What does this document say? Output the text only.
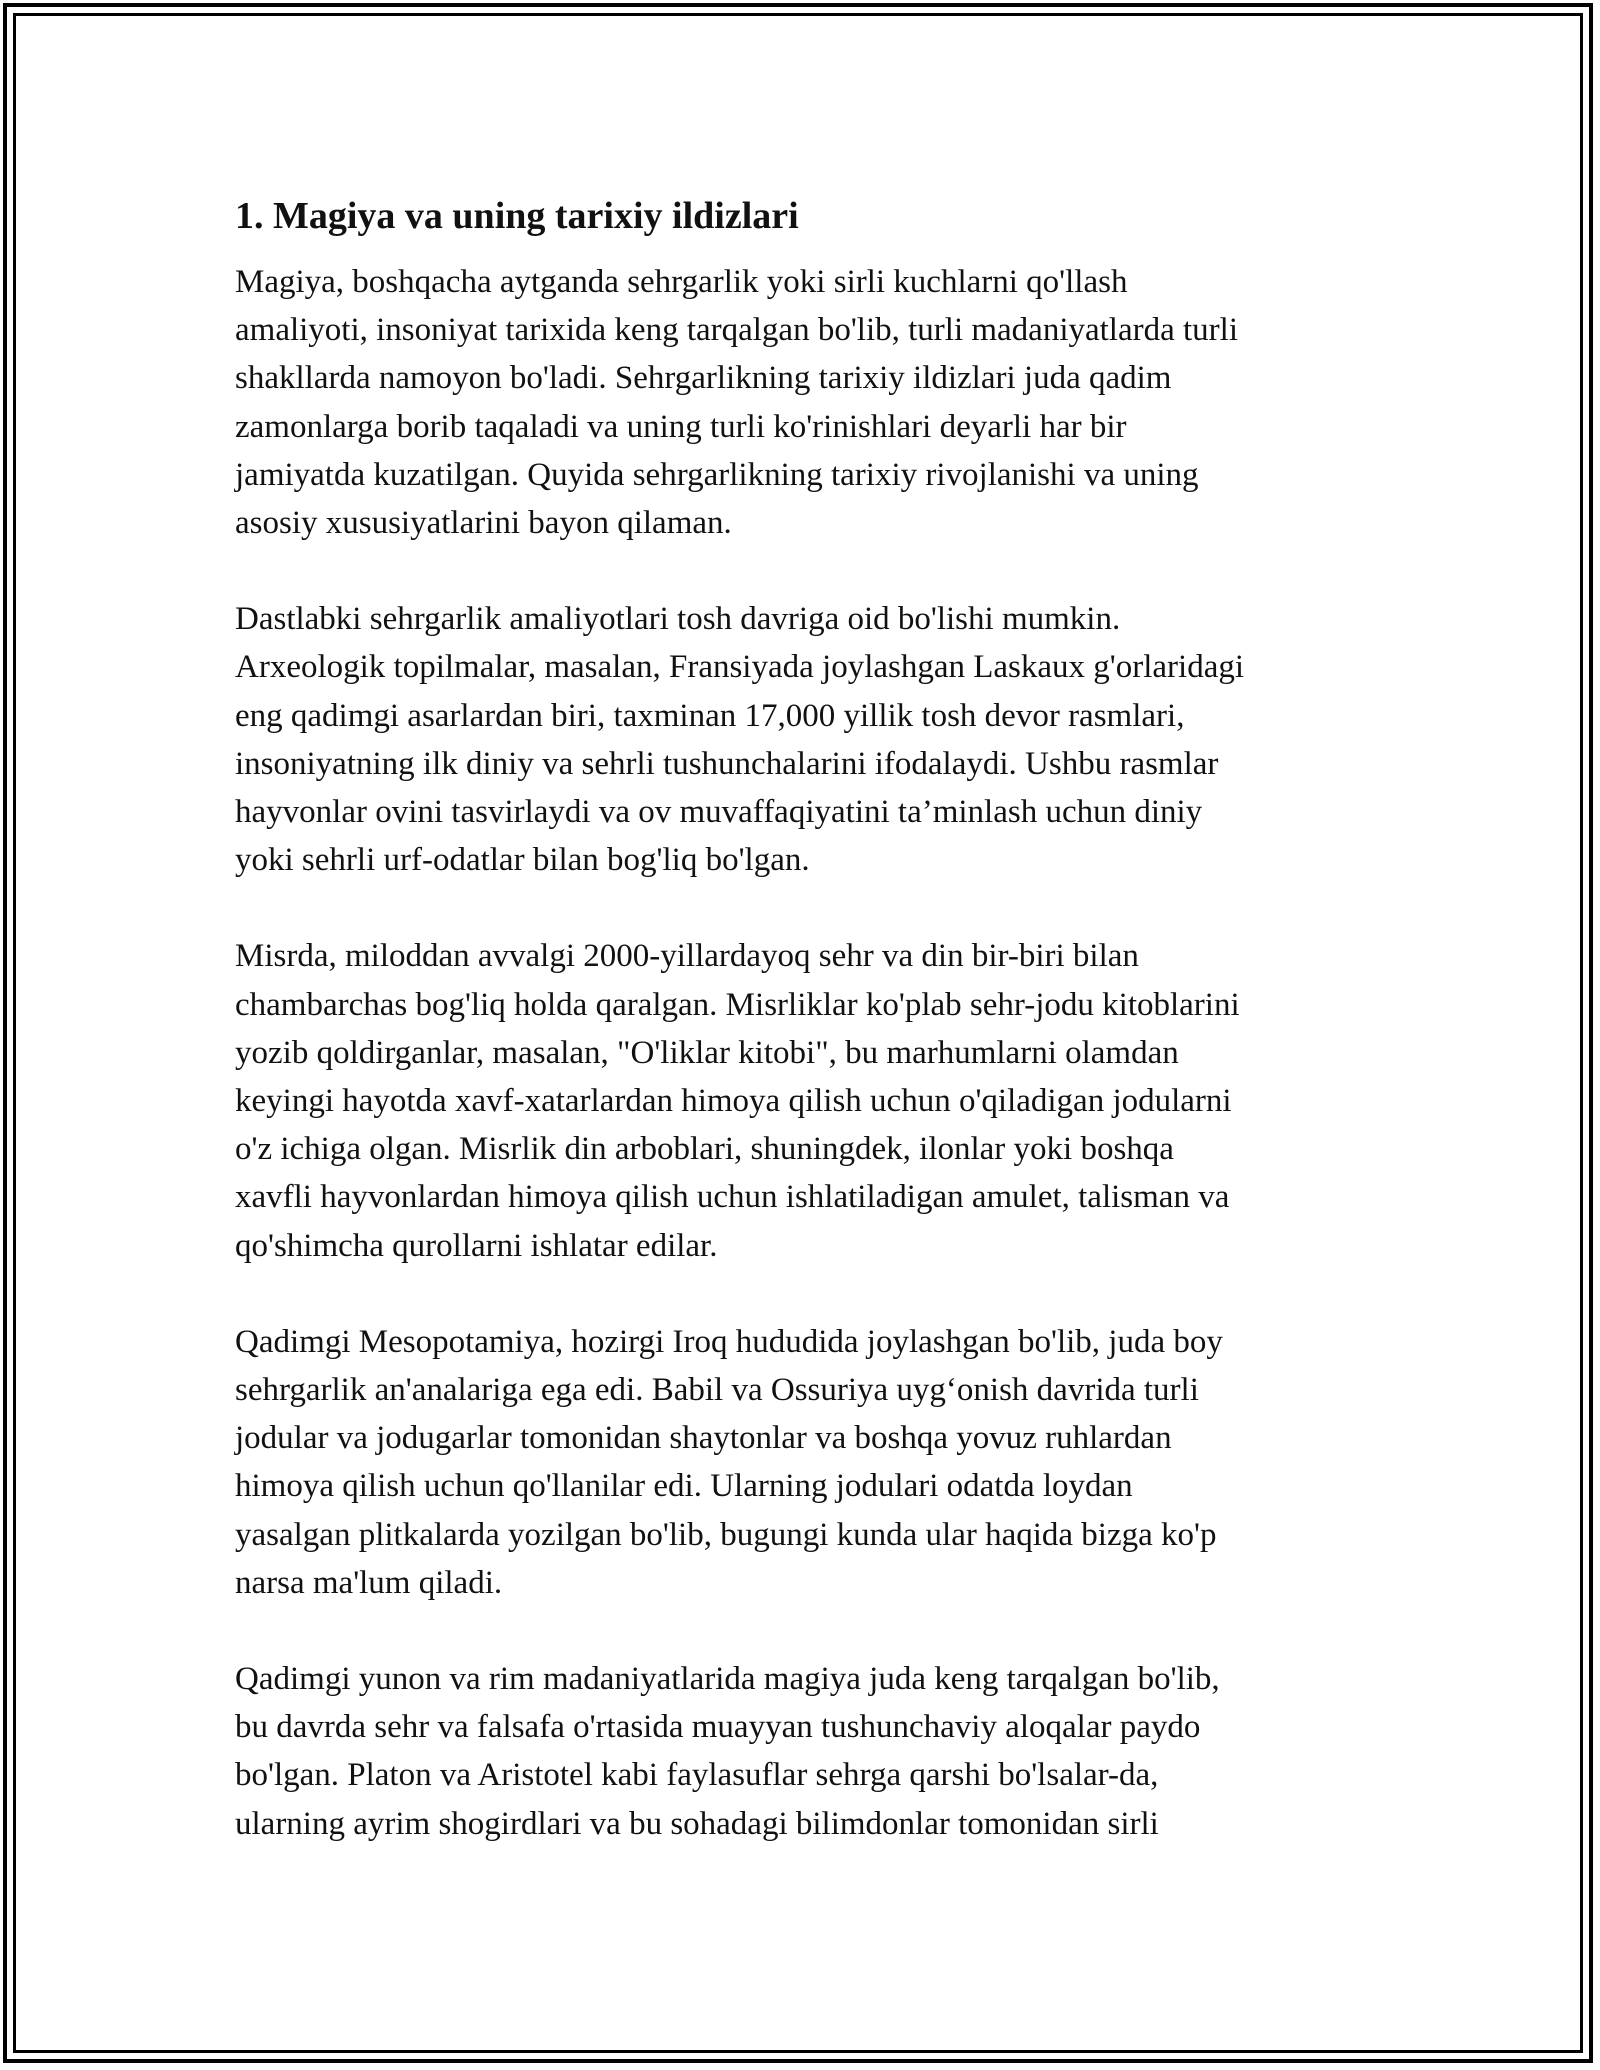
1. Magiya va uning tarixiy ildizlari

Magiya, boshqacha aytganda sehrgarlik yoki sirli kuchlarni qo'llash
amaliyoti, insoniyat tarixida keng tarqalgan bo'lib, turli madaniyatlarda turli
shakllarda namoyon bo'ladi. Sehrgarlikning tarixiy ildizlari juda qadim
zamonlarga borib taqaladi va uning turli ko'rinishlari deyarli har bir
jamiyatda kuzatilgan. Quyida sehrgarlikning tarixiy rivojlanishi va uning
asosiy xususiyatlarini bayon qilaman.

Dastlabki sehrgarlik amaliyotlari tosh davriga oid bo'lishi mumkin.
Arxeologik topilmalar, masalan, Fransiyada joylashgan Laskaux g'orlaridagi
eng qadimgi asarlardan biri, taxminan 17,000 yillik tosh devor rasmlari,
insoniyatning ilk diniy va sehrli tushunchalarini ifodalaydi. Ushbu rasmlar
hayvonlar ovini tasvirlaydi va ov muvaffaqiyatini ta’minlash uchun diniy
yoki sehrli urf-odatlar bilan bog'liq bo'lgan.

Misrda, miloddan avvalgi 2000-yillardayoq sehr va din bir-biri bilan
chambarchas bog'liq holda qaralgan. Misrliklar ko'plab sehr-jodu kitoblarini
yozib qoldirganlar, masalan, "O'liklar kitobi", bu marhumlarni olamdan
keyingi hayotda xavf-xatarlardan himoya qilish uchun o'qiladigan jodularni
o'z ichiga olgan. Misrlik din arboblari, shuningdek, ilonlar yoki boshqa
xavfli hayvonlardan himoya qilish uchun ishlatiladigan amulet, talisman va
qo'shimcha qurollarni ishlatar edilar.

Qadimgi Mesopotamiya, hozirgi Iroq hududida joylashgan bo'lib, juda boy
sehrgarlik an'analariga ega edi. Babil va Ossuriya uyg‘onish davrida turli
jodular va jodugarlar tomonidan shaytonlar va boshqa yovuz ruhlardan
himoya qilish uchun qo'llanilar edi. Ularning jodulari odatda loydan
yasalgan plitkalarda yozilgan bo'lib, bugungi kunda ular haqida bizga ko'p
narsa ma'lum qiladi.

Qadimgi yunon va rim madaniyatlarida magiya juda keng tarqalgan bo'lib,
bu davrda sehr va falsafa o'rtasida muayyan tushunchaviy aloqalar paydo
bo'lgan. Platon va Aristotel kabi faylasuflar sehrga qarshi bo'lsalar-da,
ularning ayrim shogirdlari va bu sohadagi bilimdonlar tomonidan sirli
